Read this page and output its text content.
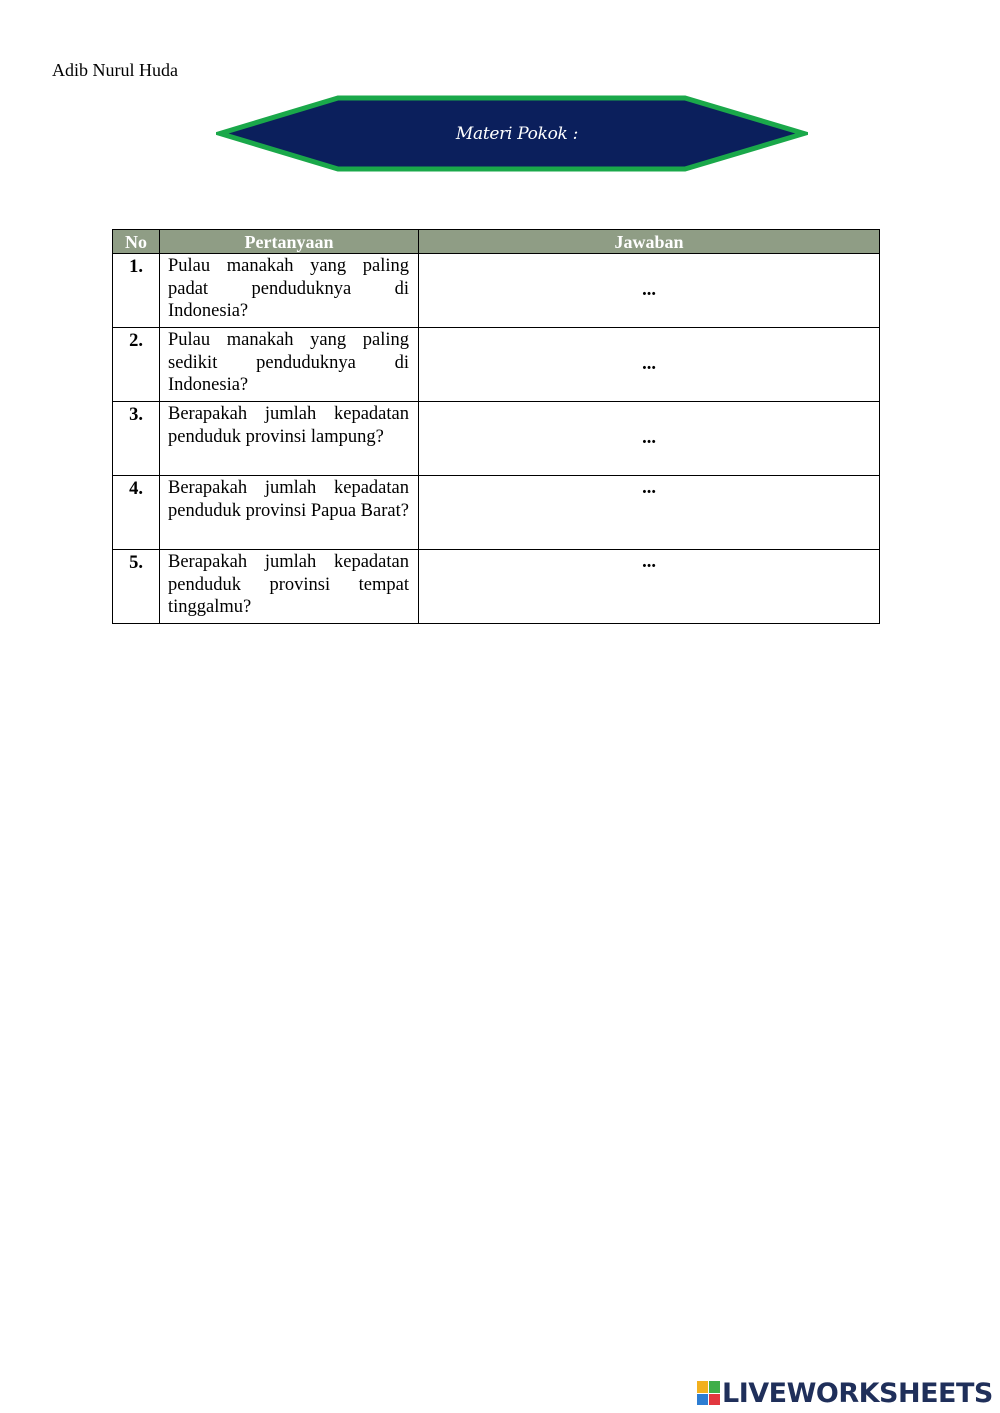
Adib Nurul Huda
Materi Pokok :
No	Pertanyaan	Jawaban
1.	Pulau manakah yang paling padat penduduknya di Indonesia?	...
2.	Pulau manakah yang paling sedikit penduduknya di Indonesia?	...
3.	Berapakah jumlah kepadatan penduduk provinsi lampung?	...
4.	Berapakah jumlah kepadatan penduduk provinsi Papua Barat?	...
5.	Berapakah jumlah kepadatan penduduk provinsi tempat tinggalmu?	...
LIVEWORKSHEETS
